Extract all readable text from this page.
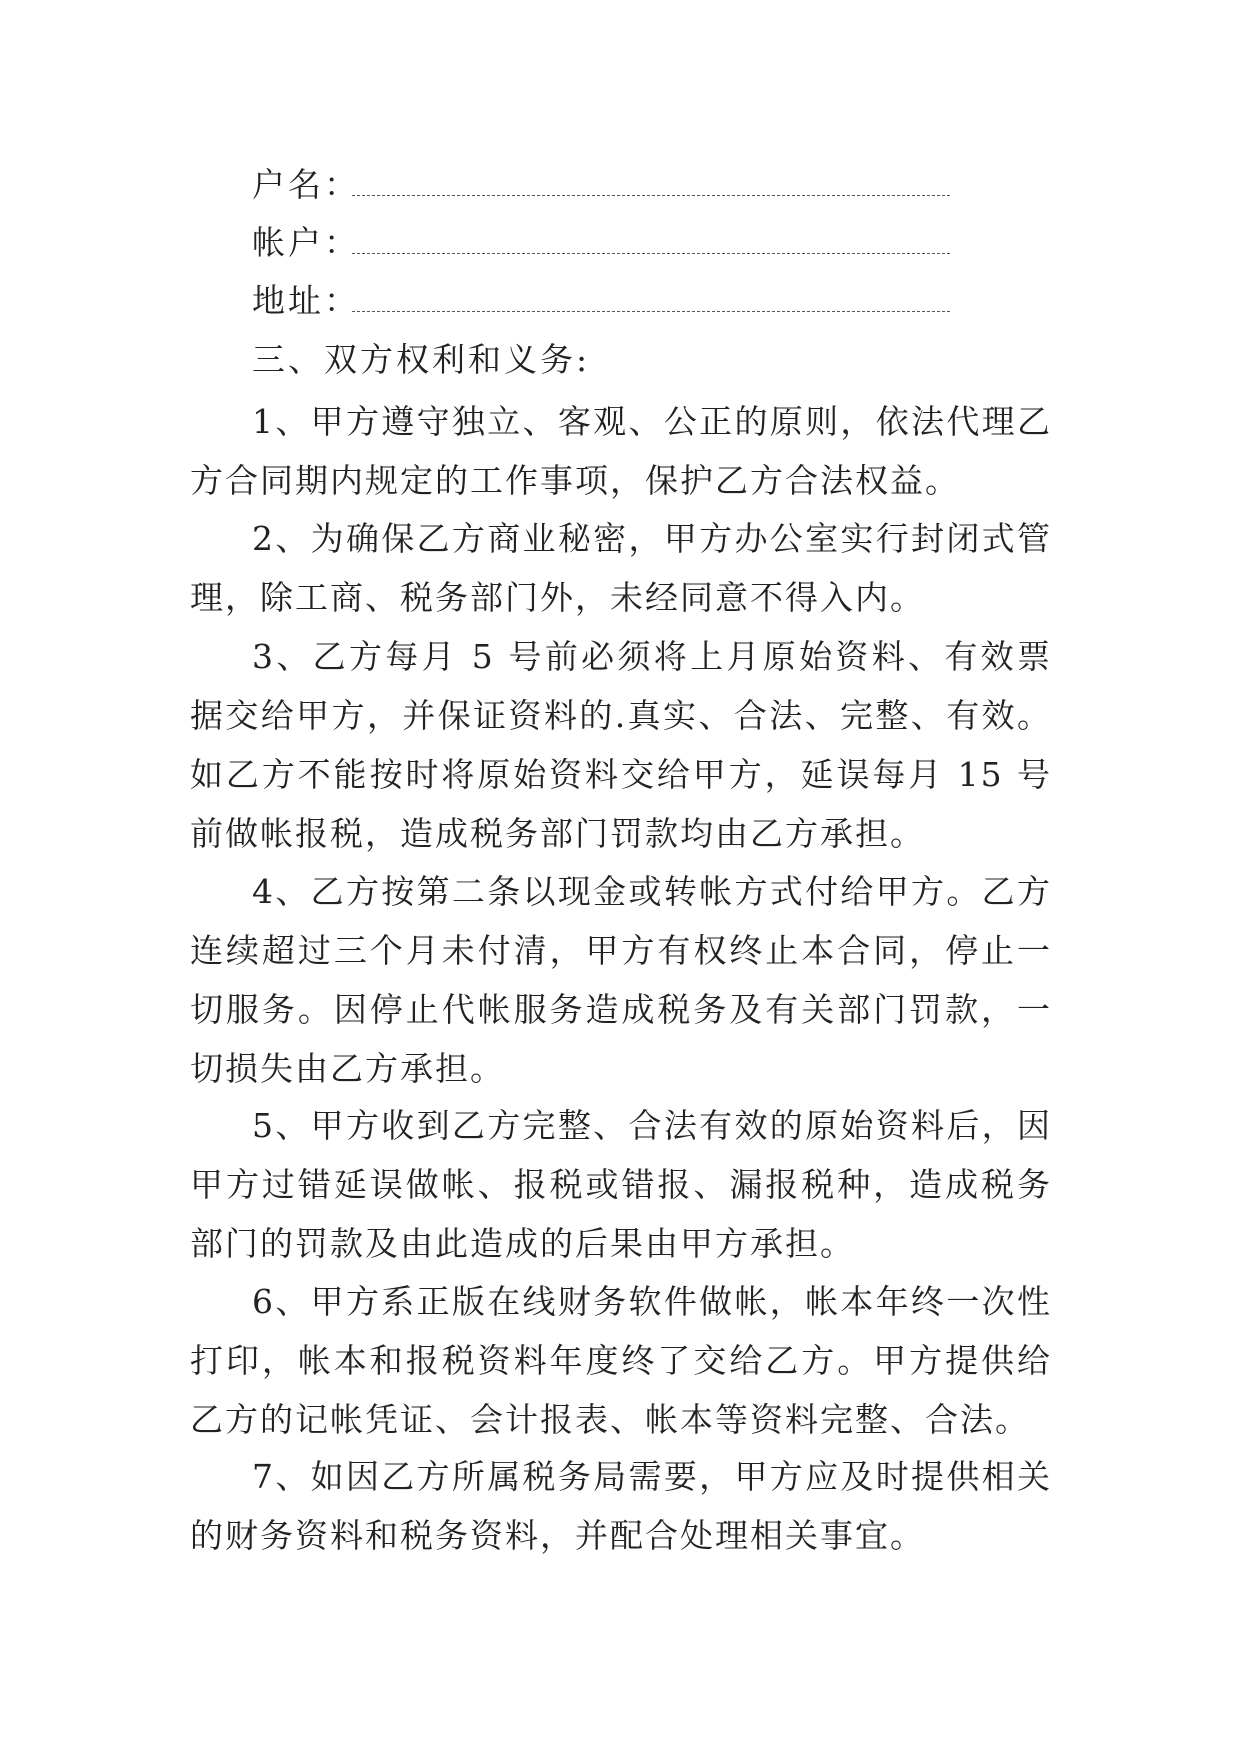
户名：
帐户：
地址：
三、双方权利和义务:

1、甲方遵守独立、客观、公正的原则，依法代理乙方合同期内规定的工作事项，保护乙方合法权益。

2、为确保乙方商业秘密，甲方办公室实行封闭式管理，除工商、税务部门外，未经同意不得入内。

3、乙方每月 5 号前必须将上月原始资料、有效票据交给甲方，并保证资料的.真实、合法、完整、有效。如乙方不能按时将原始资料交给甲方，延误每月 15 号前做帐报税，造成税务部门罚款均由乙方承担。

4、乙方按第二条以现金或转帐方式付给甲方。乙方连续超过三个月未付清，甲方有权终止本合同，停止一切服务。因停止代帐服务造成税务及有关部门罚款，一切损失由乙方承担。

5、甲方收到乙方完整、合法有效的原始资料后，因甲方过错延误做帐、报税或错报、漏报税种，造成税务部门的罚款及由此造成的后果由甲方承担。

6、甲方系正版在线财务软件做帐，帐本年终一次性打印，帐本和报税资料年度终了交给乙方。甲方提供给乙方的记帐凭证、会计报表、帐本等资料完整、合法。

7、如因乙方所属税务局需要，甲方应及时提供相关的财务资料和税务资料，并配合处理相关事宜。
